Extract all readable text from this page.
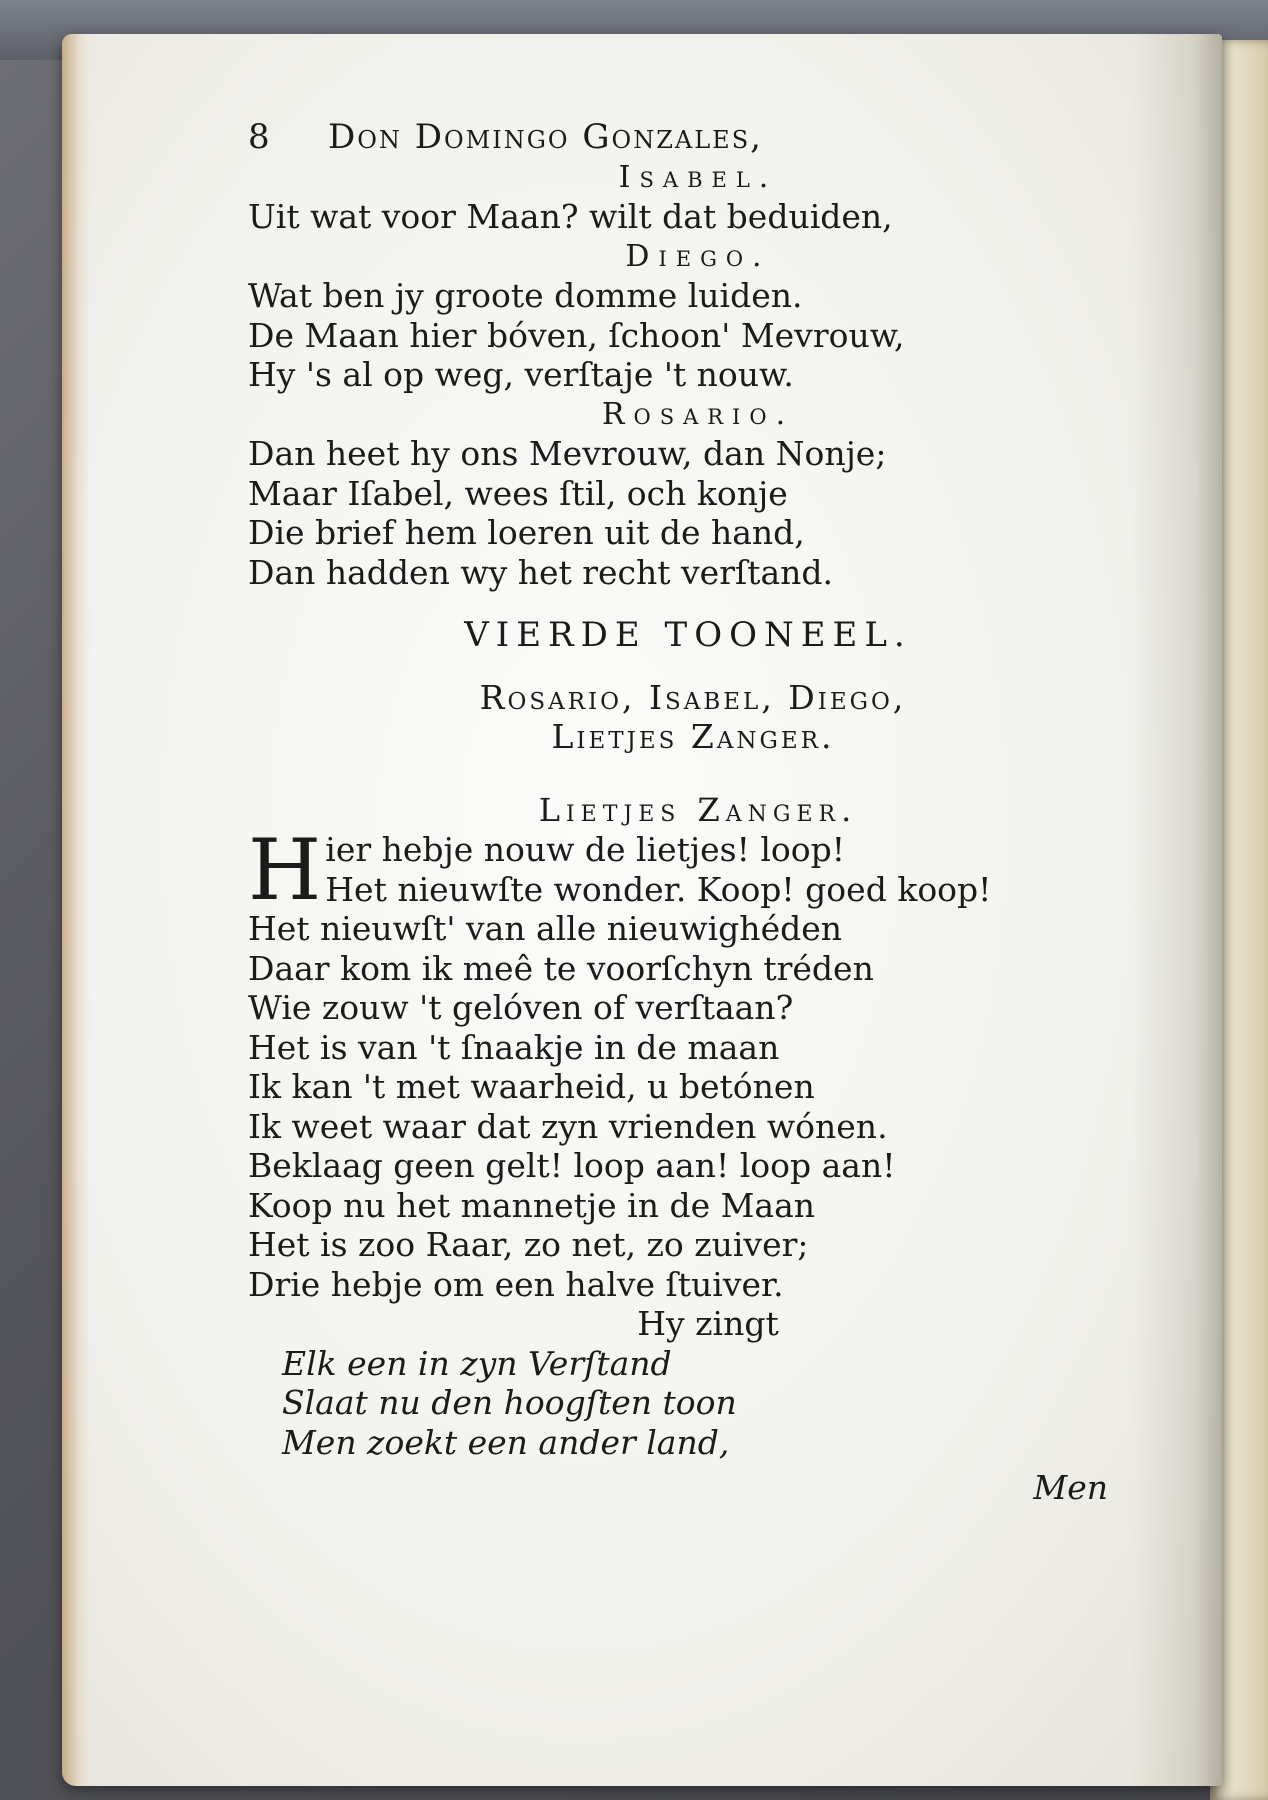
8	Don Domingo Gonzales,
Isabel.
Uit wat voor Maan? wilt dat beduiden,
Diego.
Wat ben jy groote domme luiden.
De Maan hier bóven, ſchoon' Mevrouw,
Hy 's al op weg, verſtaje 't nouw.
Rosario.
Dan heet hy ons Mevrouw, dan Nonje;
Maar Iſabel, wees ſtil, och konje
Die brief hem loeren uit de hand,
Dan hadden wy het recht verſtand.
VIERDE TOONEEL.
Rosario, Isabel, Diego,
Lietjes Zanger.
Lietjes Zanger.
H ier hebje nouw de lietjes! loop!
Het nieuwſte wonder. Koop! goed koop!
Het nieuwſt' van alle nieuwighéden
Daar kom ik meê te voorſchyn tréden
Wie zouw 't gelóven of verſtaan?
Het is van 't ſnaakje in de maan
Ik kan 't met waarheid, u betónen
Ik weet waar dat zyn vrienden wónen.
Beklaag geen gelt! loop aan! loop aan!
Koop nu het mannetje in de Maan
Het is zoo Raar, zo net, zo zuiver;
Drie hebje om een halve ſtuiver.
Hy zingt
Elk een in zyn Verſtand
Slaat nu den hoogſten toon
Men zoekt een ander land,
Men
